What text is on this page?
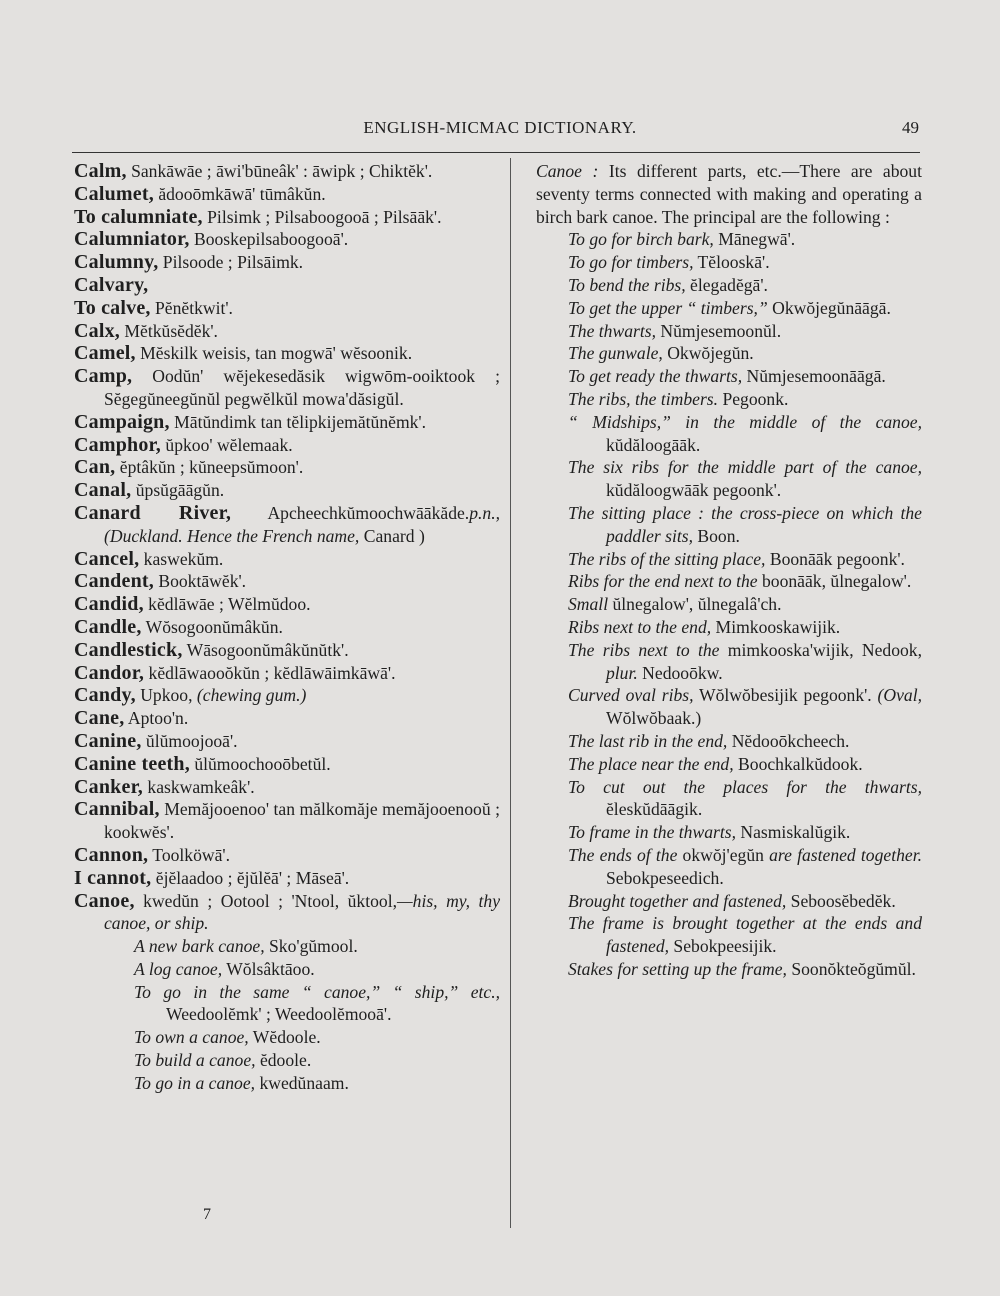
ENGLISH-MICMAC DICTIONARY.	49

Calm, Sankāwāe ; āwi'būneâk' : āwipk ; Chiktĕk'.

Calumet, ădooōmkāwā' tūmâkŭn.

To calumniate, Pilsimk ; Pilsaboogooā ; Pilsāāk'.

Calumniator, Booskepilsaboogooā'.

Calumny, Pilsoode ; Pilsāimk.

Calvary,

To calve, Pĕnĕtkwit'.

Calx, Mĕtkŭsĕdĕk'.

Camel, Mĕskilk weisis, tan mogwā' wĕsoonik.

Camp, Oodŭn' wĕjekesedăsik wigwōm-ooiktook ; Sĕgegŭneegŭnŭl pegwĕlkŭl mowa'dăsigŭl.

Campaign, Mātŭndimk tan tĕlipkijemătŭnĕmk'.

Camphor, ŭpkoo' wĕlemaak.

Can, ĕptâkŭn ; kŭneepsŭmoon'.

Canal, ŭpsŭgāāgŭn.

Canard River, Apcheechkŭmoochwāākăde.p.n., (Duckland. Hence the French name, Canard )

Cancel, kaswekŭm.

Candent, Booktāwĕk'.

Candid, kĕdlāwāe ; Wĕlmŭdoo.

Candle, Wŏsogoonŭmâkŭn.

Candlestick, Wāsogoonŭmâkŭnŭtk'.

Candor, kĕdlāwaooŏkŭn ; kĕdlāwāimkāwā'.

Candy, Upkoo, (chewing gum.)

Cane, Aptoo'n.

Canine, ŭlŭmoojooā'.

Canine teeth, ŭlŭmoochooōbetŭl.

Canker, kaskwamkeâk'.

Cannibal, Memăjooenoo' tan mălkomăje memăjooenooŭ ; kookwĕs'.

Cannon, Toolköwā'.

I cannot, ĕjĕlaadoo ; ĕjŭlĕā' ; Māseā'.

Canoe, kwedŭn ; Ootool ; 'Ntool, ŭktool,—his, my, thy canoe, or ship.

A new bark canoe, Sko'gŭmool.

A log canoe, Wŏlsâktāoo.

To go in the same “ canoe,” “ ship,” etc., Weedoolĕmk' ; Weedoolĕmooā'.

To own a canoe, Wĕdoole.

To build a canoe, ĕdoole.

To go in a canoe, kwedŭnaam.

Canoe : Its different parts, etc.—There are about seventy terms connected with making and operating a birch bark canoe. The principal are the following :

To go for birch bark, Mānegwā'.

To go for timbers, Tĕlooskā'.

To bend the ribs, ĕlegadĕgā'.

To get the upper “ timbers,” Okwŏjegŭnāāgā.

The thwarts, Nŭmjesemoonŭl.

The gunwale, Okwŏjegŭn.

To get ready the thwarts, Nŭmjesemoonāāgā.

The ribs, the timbers. Pegoonk.

“ Midships,” in the middle of the canoe, kŭdăloogāāk.

The six ribs for the middle part of the canoe, kŭdăloogwāāk pegoonk'.

The sitting place : the cross-piece on which the paddler sits, Boon.

The ribs of the sitting place, Boonāāk pegoonk'.

Ribs for the end next to the boonāāk, ŭlnegalow'.

Small ŭlnegalow', ŭlnegalâ'ch.

Ribs next to the end, Mimkooskawijik.

The ribs next to the mimkooska'wijik, Nedook, plur. Nedooōkw.

Curved oval ribs, Wŏlwŏbesijik pegoonk'. (Oval, Wŏlwŏbaak.)

The last rib in the end, Nĕdooōkcheech.

The place near the end, Boochkalkŭdook.

To cut out the places for the thwarts, ĕleskŭdāāgik.

To frame in the thwarts, Nasmiskalŭgik.

The ends of the okwŏj'egŭn are fastened together. Sebokpeseedich.

Brought together and fastened, Seboosĕbedĕk.

The frame is brought together at the ends and fastened, Sebokpeesijik.

Stakes for setting up the frame, Soonŏkteŏgŭmŭl.

7
